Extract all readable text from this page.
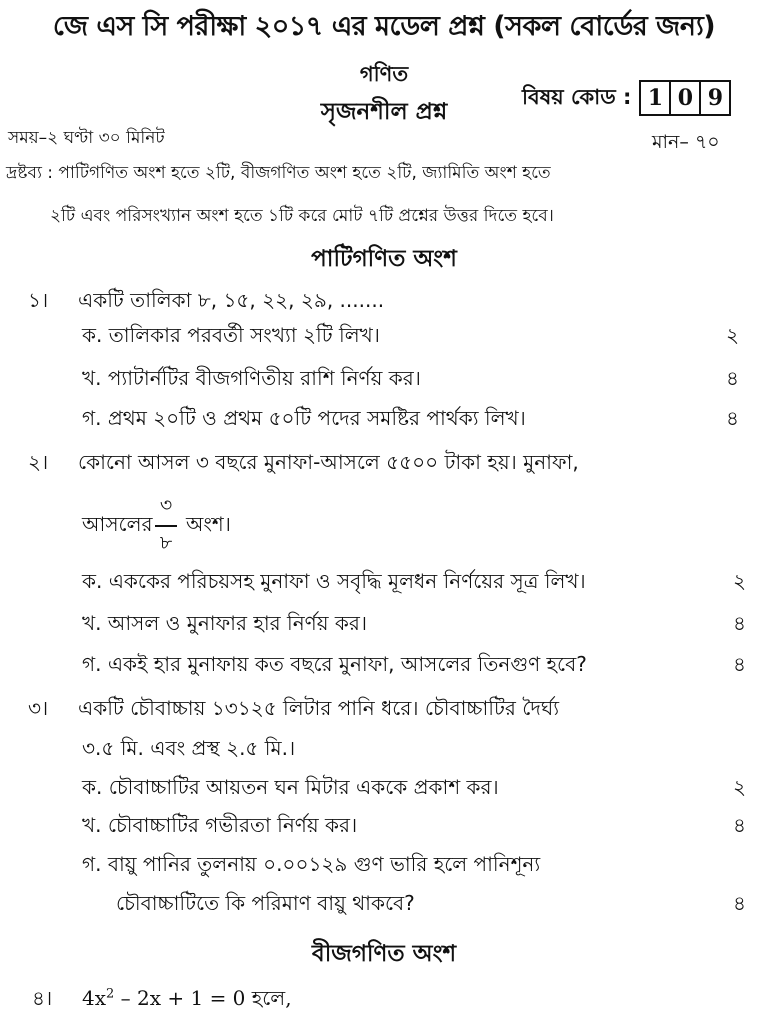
জে এস সি পরীক্ষা ২০১৭ এর মডেল প্রশ্ন (সকল বোর্ডের জন্য)
গণিত
সৃজনশীল প্রশ্ন
বিষয় কোড : 1 0 9
সময়–২ ঘণ্টা ৩০ মিনিট	মান– ৭০
দ্রষ্টব্য : পাটিগণিত অংশ হতে ২টি, বীজগণিত অংশ হতে ২টি, জ্যামিতি অংশ হতে
২টি এবং পরিসংখ্যান অংশ হতে ১টি করে মোট ৭টি প্রশ্নের উত্তর দিতে হবে।
পাটিগণিত অংশ
১। একটি তালিকা ৮, ১৫, ২২, ২৯, .......
ক. তালিকার পরবর্তী সংখ্যা ২টি লিখ।	২
খ. প্যাটার্নটির বীজগণিতীয় রাশি নির্ণয় কর।	৪
গ. প্রথম ২০টি ও প্রথম ৫০টি পদের সমষ্টির পার্থক্য লিখ।	৪
২। কোনো আসল ৩ বছরে মুনাফা-আসলে ৫৫০০ টাকা হয়। মুনাফা,
আসলের
৩
৮
অংশ।
ক. এককের পরিচয়সহ মুনাফা ও সবৃদ্ধি মূলধন নির্ণয়ের সূত্র লিখ।	২
খ. আসল ও মুনাফার হার নির্ণয় কর।	৪
গ. একই হার মুনাফায় কত বছরে মুনাফা, আসলের তিনগুণ হবে?	৪
৩। একটি চৌবাচ্চায় ১৩১২৫ লিটার পানি ধরে। চৌবাচ্চাটির দৈর্ঘ্য
৩.৫ মি. এবং প্রস্থ ২.৫ মি.।
ক. চৌবাচ্চাটির আয়তন ঘন মিটার এককে প্রকাশ কর।	২
খ. চৌবাচ্চাটির গভীরতা নির্ণয় কর।	৪
গ. বায়ু পানির তুলনায় ০.০০১২৯ গুণ ভারি হলে পানিশূন্য
চৌবাচ্চাটিতে কি পরিমাণ বায়ু থাকবে?	৪
বীজগণিত অংশ
৪। $4x^2 - 2x + 1 = 0$ হলে,
